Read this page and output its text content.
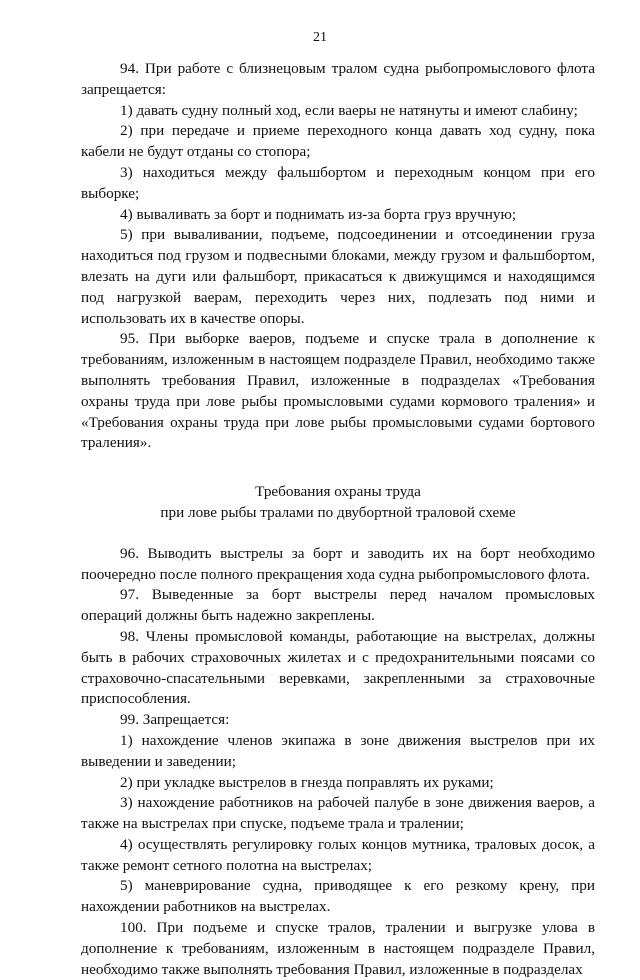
21

94. При работе с близнецовым тралом судна рыбопромыслового флота запрещается:

1) давать судну полный ход, если ваеры не натянуты и имеют слабину;

2) при передаче и приеме переходного конца давать ход судну, пока кабели не будут отданы со стопора;

3) находиться между фальшбортом и переходным концом при его выборке;

4) вываливать за борт и поднимать из-за борта груз вручную;

5) при вываливании, подъеме, подсоединении и отсоединении груза находиться под грузом и подвесными блоками, между грузом и фальшбортом, влезать на дуги или фальшборт, прикасаться к движущимся и находящимся под нагрузкой ваерам, переходить через них, подлезать под ними и использовать их в качестве опоры.

95. При выборке ваеров, подъеме и спуске трала в дополнение к требованиям, изложенным в настоящем подразделе Правил, необходимо также выполнять требования Правил, изложенные в подразделах «Требования охраны труда при лове рыбы промысловыми судами кормового траления» и «Требования охраны труда при лове рыбы промысловыми судами бортового траления».

Требования охраны труда
при лове рыбы тралами по двубортной траловой схеме

96. Выводить выстрелы за борт и заводить их на борт необходимо поочередно после полного прекращения хода судна рыбопромыслового флота.

97. Выведенные за борт выстрелы перед началом промысловых операций должны быть надежно закреплены.

98. Члены промысловой команды, работающие на выстрелах, должны быть в рабочих страховочных жилетах и с предохранительными поясами со страховочно-спасательными веревками, закрепленными за страховочные приспособления.

99. Запрещается:

1) нахождение членов экипажа в зоне движения выстрелов при их выведении и заведении;

2) при укладке выстрелов в гнезда поправлять их руками;

3) нахождение работников на рабочей палубе в зоне движения ваеров, а также на выстрелах при спуске, подъеме трала и тралении;

4) осуществлять регулировку голых концов мутника, траловых досок, а также ремонт сетного полотна на выстрелах;

5) маневрирование судна, приводящее к его резкому крену, при нахождении работников на выстрелах.

100. При подъеме и спуске тралов, тралении и выгрузке улова в дополнение к требованиям, изложенным в настоящем подразделе Правил, необходимо также выполнять требования Правил, изложенные в подразделах
